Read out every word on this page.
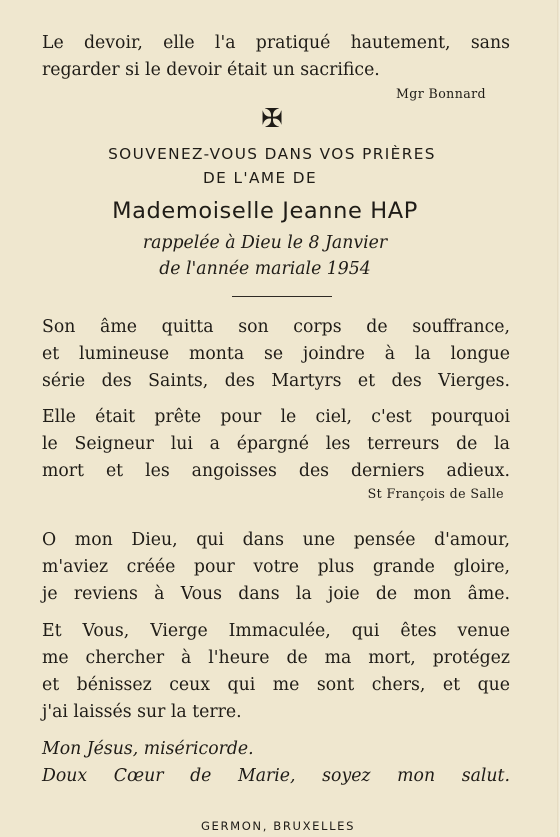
Le devoir, elle l'a pratiqué hautement, sans
regarder si le devoir était un sacrifice.
Mgr Bonnard
✠
SOUVENEZ-VOUS DANS VOS PRIÈRES
DE L'AME DE
Mademoiselle Jeanne HAP
rappelée à Dieu le 8 Janvier
de l'année mariale 1954
Son âme quitta son corps de souffrance,
et lumineuse monta se joindre à la longue
série des Saints, des Martyrs et des Vierges.
Elle était prête pour le ciel, c'est pourquoi
le Seigneur lui a épargné les terreurs de la
mort et les angoisses des derniers adieux.
St François de Salle
O mon Dieu, qui dans une pensée d'amour,
m'aviez créée pour votre plus grande gloire,
je reviens à Vous dans la joie de mon âme.
Et Vous, Vierge Immaculée, qui êtes venue
me chercher à l'heure de ma mort, protégez
et bénissez ceux qui me sont chers, et que
j'ai laissés sur la terre.
Mon Jésus, miséricorde.
Doux Cœur de Marie, soyez mon salut.
GERMON, BRUXELLES
